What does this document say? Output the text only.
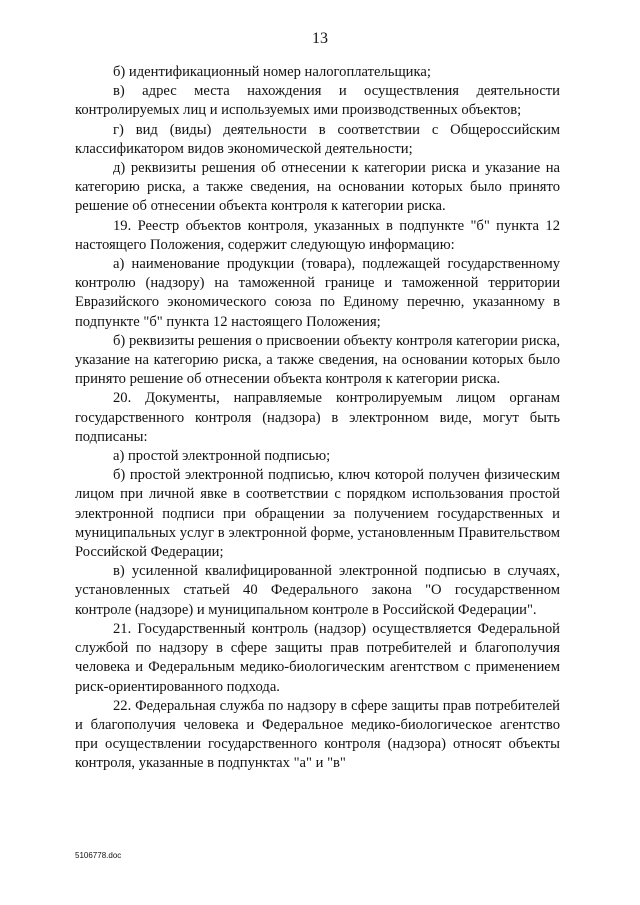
13

б) идентификационный номер налогоплательщика;

в) адрес места нахождения и осуществления деятельности контролируемых лиц и используемых ими производственных объектов;

г) вид (виды) деятельности в соответствии с Общероссийским классификатором видов экономической деятельности;

д) реквизиты решения об отнесении к категории риска и указание на категорию риска, а также сведения, на основании которых было принято решение об отнесении объекта контроля к категории риска.

19. Реестр объектов контроля, указанных в подпункте "б" пункта 12 настоящего Положения, содержит следующую информацию:

а) наименование продукции (товара), подлежащей государственному контролю (надзору) на таможенной границе и таможенной территории Евразийского экономического союза по Единому перечню, указанному в подпункте "б" пункта 12 настоящего Положения;

б) реквизиты решения о присвоении объекту контроля категории риска, указание на категорию риска, а также сведения, на основании которых было принято решение об отнесении объекта контроля к категории риска.

20. Документы, направляемые контролируемым лицом органам государственного контроля (надзора) в электронном виде, могут быть подписаны:

а) простой электронной подписью;

б) простой электронной подписью, ключ которой получен физическим лицом при личной явке в соответствии с порядком использования простой электронной подписи при обращении за получением государственных и муниципальных услуг в электронной форме, установленным Правительством Российской Федерации;

в) усиленной квалифицированной электронной подписью в случаях, установленных статьей 40 Федерального закона "О государственном контроле (надзоре) и муниципальном контроле в Российской Федерации".

21. Государственный контроль (надзор) осуществляется Федеральной службой по надзору в сфере защиты прав потребителей и благополучия человека и Федеральным медико-биологическим агентством с применением риск-ориентированного подхода.

22. Федеральная служба по надзору в сфере защиты прав потребителей и благополучия человека и Федеральное медико-биологическое агентство при осуществлении государственного контроля (надзора) относят объекты контроля, указанные в подпунктах "а" и "в"

5106778.doc
